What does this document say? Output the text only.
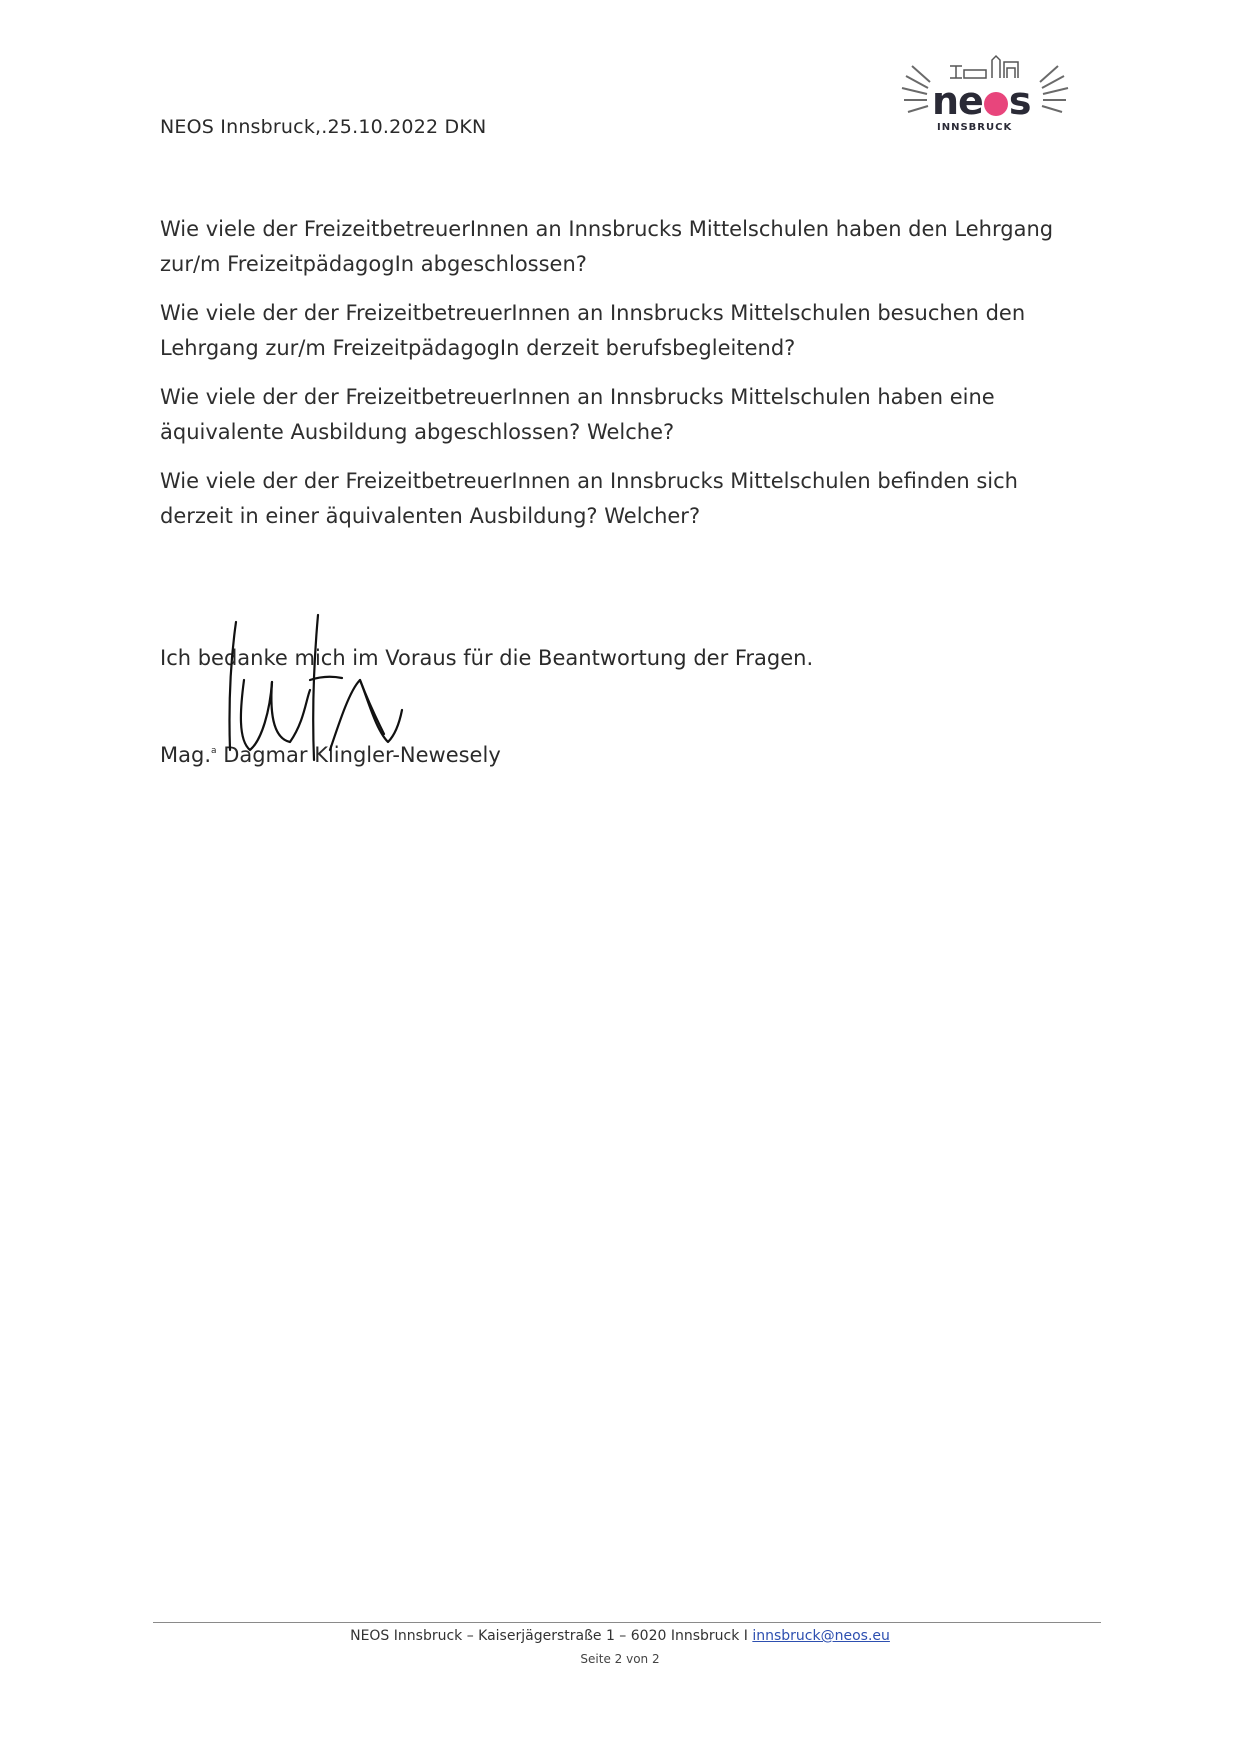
NEOS Innsbruck,.25.10.2022 DKN
ne s
INNSBRUCK

Wie viele der FreizeitbetreuerInnen an Innsbrucks Mittelschulen haben den Lehrgang zur/m FreizeitpädagogIn abgeschlossen?

Wie viele der der FreizeitbetreuerInnen an Innsbrucks Mittelschulen besuchen den Lehrgang zur/m FreizeitpädagogIn derzeit berufsbegleitend?

Wie viele der der FreizeitbetreuerInnen an Innsbrucks Mittelschulen haben eine äquivalente Ausbildung abgeschlossen? Welche?

Wie viele der der FreizeitbetreuerInnen an Innsbrucks Mittelschulen befinden sich derzeit in einer äquivalenten Ausbildung? Welcher?

Ich bedanke mich im Voraus für die Beantwortung der Fragen.
Mag.$^a$ Dagmar Klingler-Newesely
NEOS Innsbruck – Kaiserjägerstraße 1 – 6020 Innsbruck I innsbruck@neos.eu
Seite 2 von 2
